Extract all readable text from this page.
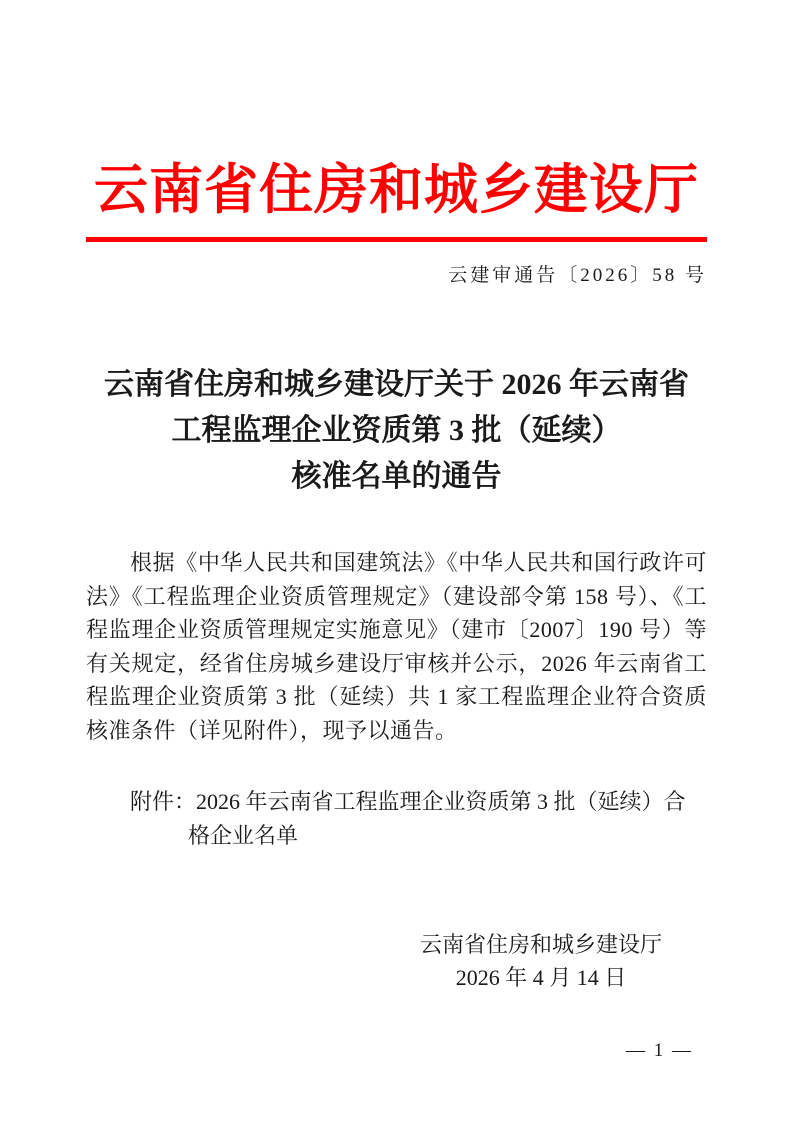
云南省住房和城乡建设厅
云建审通告〔2026〕58 号
云南省住房和城乡建设厅关于 2026 年云南省
工程监理企业资质第 3 批（延续）
核准名单的通告
根据《中华人民共和国建筑法》《中华人民共和国行政许可
法》《工程监理企业资质管理规定》（建设部令第 158 号）、《工
程监理企业资质管理规定实施意见》（建市〔2007〕190 号）等
有关规定，经省住房城乡建设厅审核并公示，2026 年云南省工
程监理企业资质第 3 批（延续）共 1 家工程监理企业符合资质
核准条件（详见附件），现予以通告。
附件：2026 年云南省工程监理企业资质第 3 批（延续）合
格企业名单
云南省住房和城乡建设厅
2026 年 4 月 14 日
— 1 —
